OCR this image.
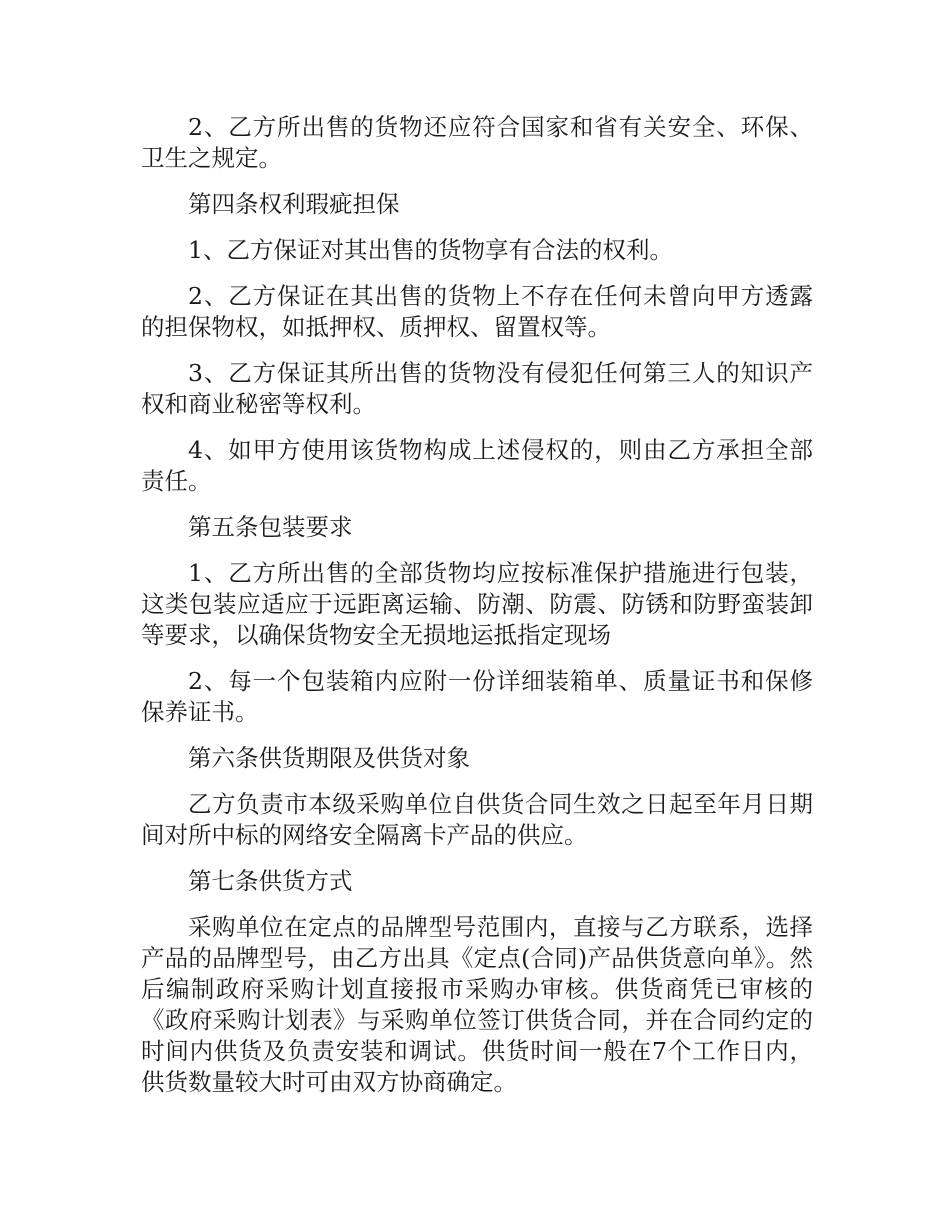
2、乙方所出售的货物还应符合国家和省有关安全、环保、卫生之规定。

第四条权利瑕疵担保

1、乙方保证对其出售的货物享有合法的权利。

2、乙方保证在其出售的货物上不存在任何未曾向甲方透露的担保物权，如抵押权、质押权、留置权等。

3、乙方保证其所出售的货物没有侵犯任何第三人的知识产权和商业秘密等权利。

4、如甲方使用该货物构成上述侵权的，则由乙方承担全部责任。

第五条包装要求

1、乙方所出售的全部货物均应按标准保护措施进行包装，这类包装应适应于远距离运输、防潮、防震、防锈和防野蛮装卸等要求，以确保货物安全无损地运抵指定现场

2、每一个包装箱内应附一份详细装箱单、质量证书和保修保养证书。

第六条供货期限及供货对象

乙方负责市本级采购单位自供货合同生效之日起至年月日期间对所中标的网络安全隔离卡产品的供应。

第七条供货方式

采购单位在定点的品牌型号范围内，直接与乙方联系，选择产品的品牌型号，由乙方出具《定点(合同)产品供货意向单》。然后编制政府采购计划直接报市采购办审核。供货商凭已审核的《政府采购计划表》与采购单位签订供货合同，并在合同约定的时间内供货及负责安装和调试。供货时间一般在7个工作日内，供货数量较大时可由双方协商确定。
